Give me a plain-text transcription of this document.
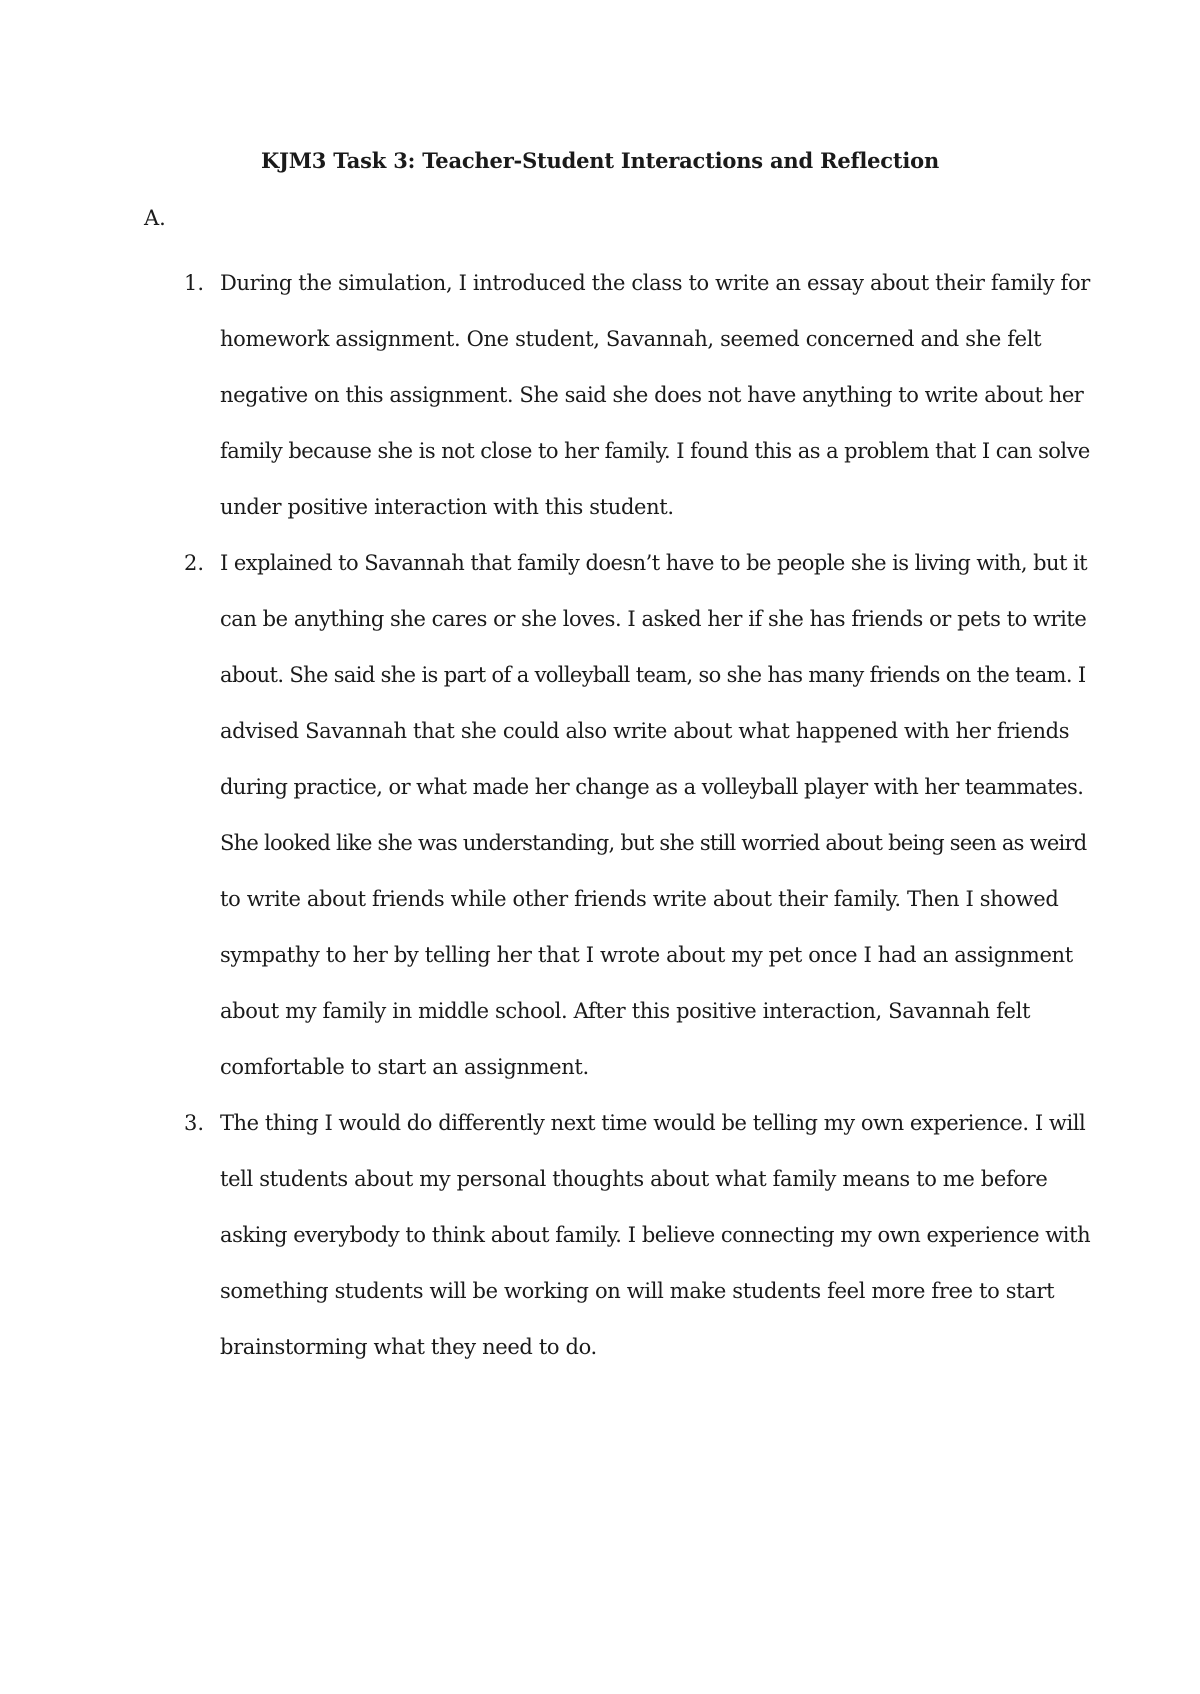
KJM3 Task 3: Teacher-Student Interactions and Reflection
A.
1. During the simulation, I introduced the class to write an essay about their family for
homework assignment. One student, Savannah, seemed concerned and she felt
negative on this assignment. She said she does not have anything to write about her
family because she is not close to her family. I found this as a problem that I can solve
under positive interaction with this student.
2. I explained to Savannah that family doesn’t have to be people she is living with, but it
can be anything she cares or she loves. I asked her if she has friends or pets to write
about. She said she is part of a volleyball team, so she has many friends on the team. I
advised Savannah that she could also write about what happened with her friends
during practice, or what made her change as a volleyball player with her teammates.
She looked like she was understanding, but she still worried about being seen as weird
to write about friends while other friends write about their family. Then I showed
sympathy to her by telling her that I wrote about my pet once I had an assignment
about my family in middle school. After this positive interaction, Savannah felt
comfortable to start an assignment.
3. The thing I would do differently next time would be telling my own experience. I will
tell students about my personal thoughts about what family means to me before
asking everybody to think about family. I believe connecting my own experience with
something students will be working on will make students feel more free to start
brainstorming what they need to do.
